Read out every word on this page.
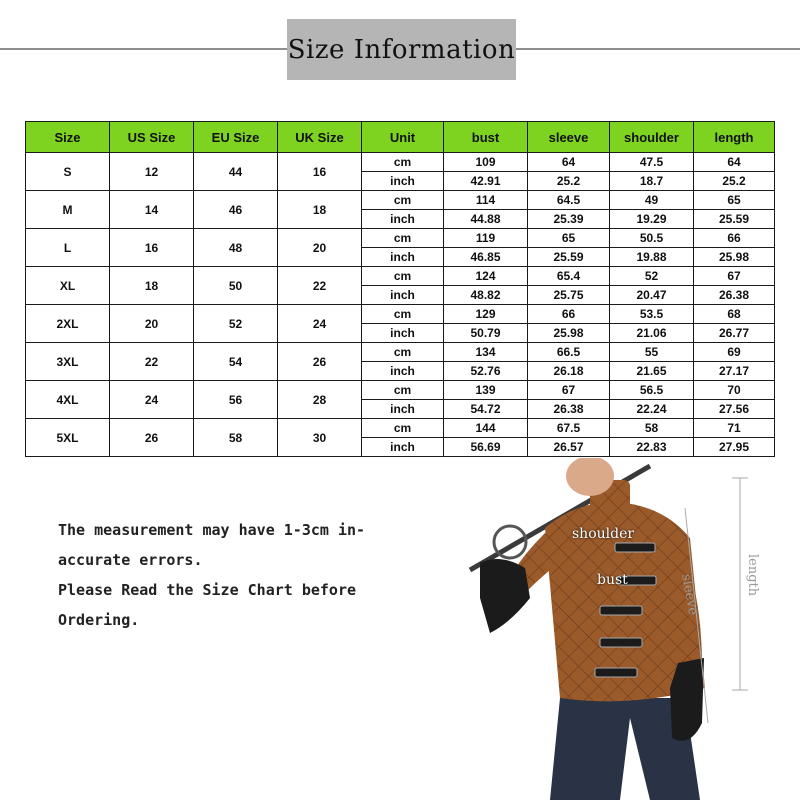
Size Information
Size	US Size	EU Size	UK Size	Unit	bust	sleeve	shoulder	length
S	12	44	16	cm	109	64	47.5	64
				inch	42.91	25.2	18.7	25.2
M	14	46	18	cm	114	64.5	49	65
				inch	44.88	25.39	19.29	25.59
L	16	48	20	cm	119	65	50.5	66
				inch	46.85	25.59	19.88	25.98
XL	18	50	22	cm	124	65.4	52	67
				inch	48.82	25.75	20.47	26.38
2XL	20	52	24	cm	129	66	53.5	68
				inch	50.79	25.98	21.06	26.77
3XL	22	54	26	cm	134	66.5	55	69
				inch	52.76	26.18	21.65	27.17
4XL	24	56	28	cm	139	67	56.5	70
				inch	54.72	26.38	22.24	27.56
5XL	26	58	30	cm	144	67.5	58	71
				inch	56.69	26.57	22.83	27.95
The measurement may have 1-3cm in-
accurate errors.
Please Read the Size Chart before
Ordering.
shoulder
bust	sleeve	length
